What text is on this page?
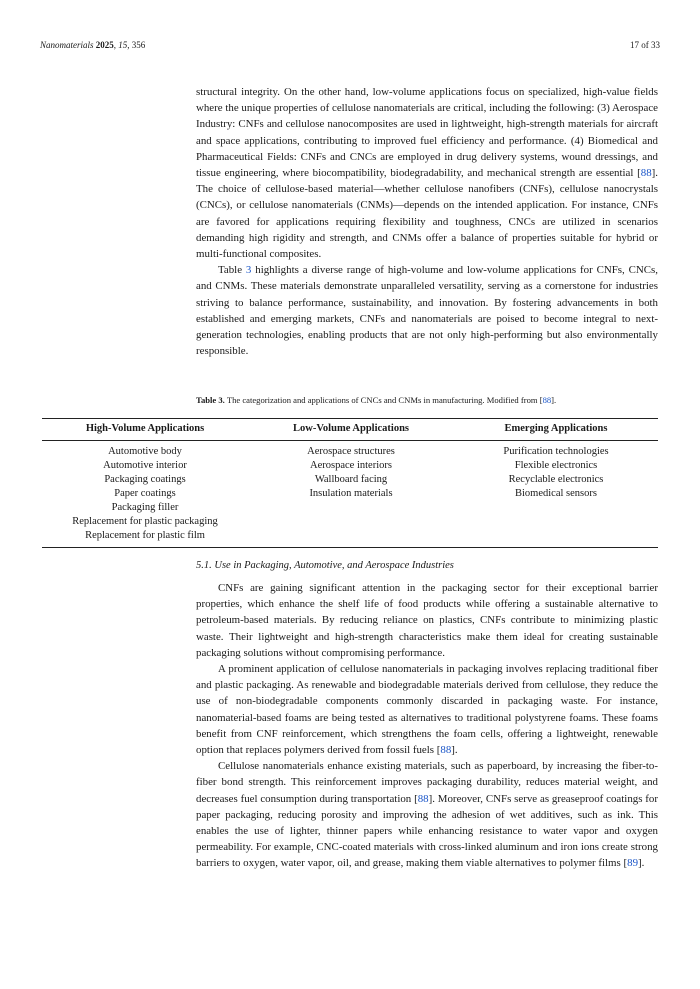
Nanomaterials 2025, 15, 356	17 of 33

structural integrity. On the other hand, low-volume applications focus on specialized, high-value fields where the unique properties of cellulose nanomaterials are critical, including the following: (3) Aerospace Industry: CNFs and cellulose nanocomposites are used in lightweight, high-strength materials for aircraft and space applications, contributing to improved fuel efficiency and performance. (4) Biomedical and Pharmaceutical Fields: CNFs and CNCs are employed in drug delivery systems, wound dressings, and tissue engineering, where biocompatibility, biodegradability, and mechanical strength are essential [88]. The choice of cellulose-based material—whether cellulose nanofibers (CNFs), cellulose nanocrystals (CNCs), or cellulose nanomaterials (CNMs)—depends on the intended application. For instance, CNFs are favored for applications requiring flexibility and toughness, CNCs are utilized in scenarios demanding high rigidity and strength, and CNMs offer a balance of properties suitable for hybrid or multi-functional composites.

Table 3 highlights a diverse range of high-volume and low-volume applications for CNFs, CNCs, and CNMs. These materials demonstrate unparalleled versatility, serving as a cornerstone for industries striving to balance performance, sustainability, and innovation. By fostering advancements in both established and emerging markets, CNFs and nanomaterials are poised to become integral to next-generation technologies, enabling products that are not only high-performing but also environmentally responsible.

Table 3. The categorization and applications of CNCs and CNMs in manufacturing. Modified from [88].

High-Volume Applications	Low-Volume Applications	Emerging Applications
Automotive body	Aerospace structures	Purification technologies
Automotive interior	Aerospace interiors	Flexible electronics
Packaging coatings	Wallboard facing	Recyclable electronics
Paper coatings	Insulation materials	Biomedical sensors
Packaging filler		
Replacement for plastic packaging		
Replacement for plastic film		

5.1. Use in Packaging, Automotive, and Aerospace Industries

CNFs are gaining significant attention in the packaging sector for their exceptional barrier properties, which enhance the shelf life of food products while offering a sustainable alternative to petroleum-based materials. By reducing reliance on plastics, CNFs contribute to minimizing plastic waste. Their lightweight and high-strength characteristics make them ideal for creating sustainable packaging solutions without compromising performance.

A prominent application of cellulose nanomaterials in packaging involves replacing traditional fiber and plastic packaging. As renewable and biodegradable materials derived from cellulose, they reduce the use of non-biodegradable components commonly discarded in packaging waste. For instance, nanomaterial-based foams are being tested as alternatives to traditional polystyrene foams. These foams benefit from CNF reinforcement, which strengthens the foam cells, offering a lightweight, renewable option that replaces polymers derived from fossil fuels [88].

Cellulose nanomaterials enhance existing materials, such as paperboard, by increasing the fiber-to-fiber bond strength. This reinforcement improves packaging durability, reduces material weight, and decreases fuel consumption during transportation [88]. Moreover, CNFs serve as greaseproof coatings for paper packaging, reducing porosity and improving the adhesion of wet additives, such as ink. This enables the use of lighter, thinner papers while enhancing resistance to water vapor and oxygen permeability. For example, CNC-coated materials with cross-linked aluminum and iron ions create strong barriers to oxygen, water vapor, oil, and grease, making them viable alternatives to polymer films [89].
